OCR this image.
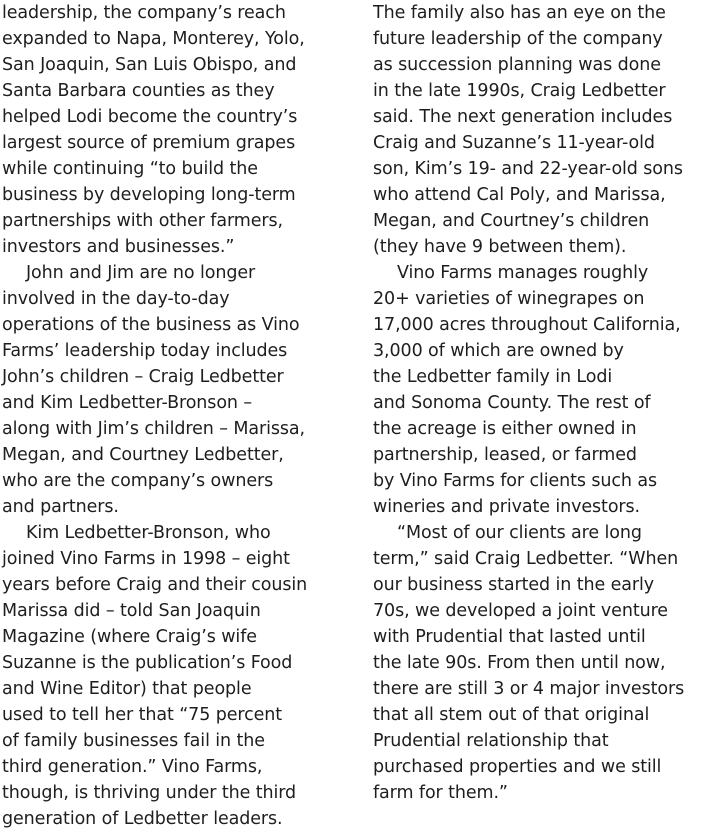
leadership, the company’s reach
expanded to Napa, Monterey, Yolo,
San Joaquin, San Luis Obispo, and
Santa Barbara counties as they
helped Lodi become the country’s
largest source of premium grapes
while continuing “to build the
business by developing long-term
partnerships with other farmers,
investors and businesses.”
John and Jim are no longer
involved in the day-to-day
operations of the business as Vino
Farms’ leadership today includes
John’s children – Craig Ledbetter
and Kim Ledbetter-Bronson –
along with Jim’s children – Marissa,
Megan, and Courtney Ledbetter,
who are the company’s owners
and partners.
Kim Ledbetter-Bronson, who
joined Vino Farms in 1998 – eight
years before Craig and their cousin
Marissa did – told San Joaquin
Magazine (where Craig’s wife
Suzanne is the publication’s Food
and Wine Editor) that people
used to tell her that “75 percent
of family businesses fail in the
third generation.” Vino Farms,
though, is thriving under the third
generation of Ledbetter leaders.
The family also has an eye on the
future leadership of the company
as succession planning was done
in the late 1990s, Craig Ledbetter
said. The next generation includes
Craig and Suzanne’s 11-year-old
son, Kim’s 19- and 22-year-old sons
who attend Cal Poly, and Marissa,
Megan, and Courtney’s children
(they have 9 between them).
Vino Farms manages roughly
20+ varieties of winegrapes on
17,000 acres throughout California,
3,000 of which are owned by
the Ledbetter family in Lodi
and Sonoma County. The rest of
the acreage is either owned in
partnership, leased, or farmed
by Vino Farms for clients such as
wineries and private investors.
“Most of our clients are long
term,” said Craig Ledbetter. “When
our business started in the early
70s, we developed a joint venture
with Prudential that lasted until
the late 90s. From then until now,
there are still 3 or 4 major investors
that all stem out of that original
Prudential relationship that
purchased properties and we still
farm for them.”
